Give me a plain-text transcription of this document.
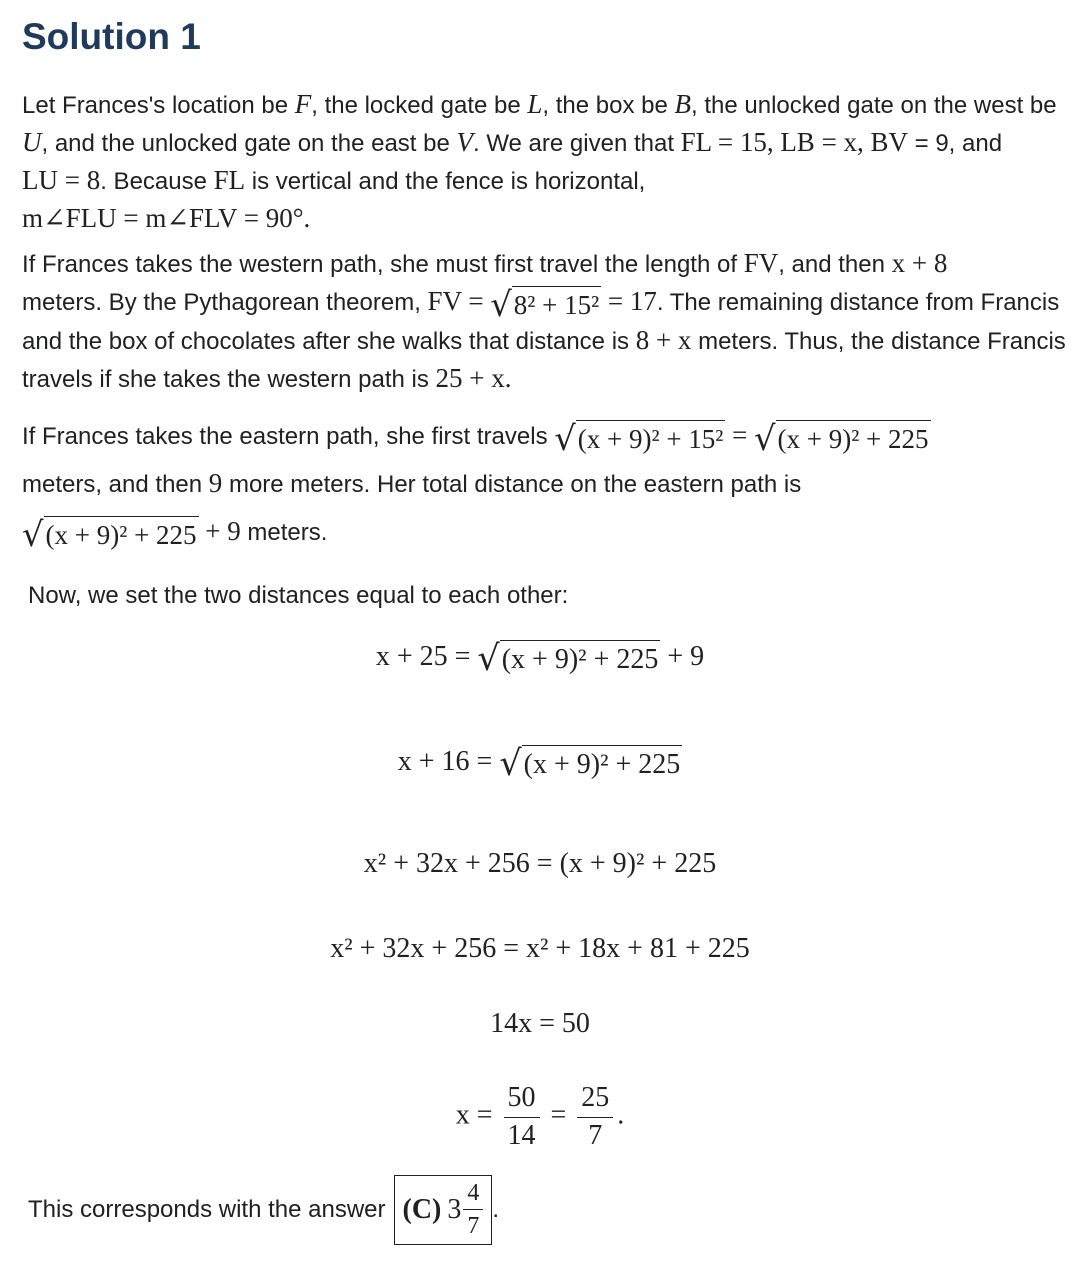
Solution 1

Let Frances's location be F, the locked gate be L, the box be B, the unlocked gate on the west be U, and the unlocked gate on the east be V. We are given that FL = 15, LB = x, BV = 9, and LU = 8. Because FL is vertical and the fence is horizontal,
m∠FLU = m∠FLV = 90°.

If Frances takes the western path, she must first travel the length of FV, and then x + 8
meters. By the Pythagorean theorem, FV = √ 8² + 15² = 17. The remaining distance from Francis and the box of chocolates after she walks that distance is 8 + x meters. Thus, the distance Francis travels if she takes the western path is 25 + x.

If Frances takes the eastern path, she first travels √ (x + 9)² + 15² = √ (x + 9)² + 225

meters, and then 9 more meters. Her total distance on the eastern path is

√ (x + 9)² + 225 + 9 meters.

Now, we set the two distances equal to each other:

x + 25 = √ (x + 9)² + 225 + 9
x + 16 = √ (x + 9)² + 225
x² + 32x + 256 = (x + 9)² + 225
x² + 32x + 256 = x² + 18x + 81 + 225
14x = 50
$x = \frac{50}{14} = \frac{25}{7}$ .
This corresponds with the answer (C) $3 \frac{4}{7}$ .
